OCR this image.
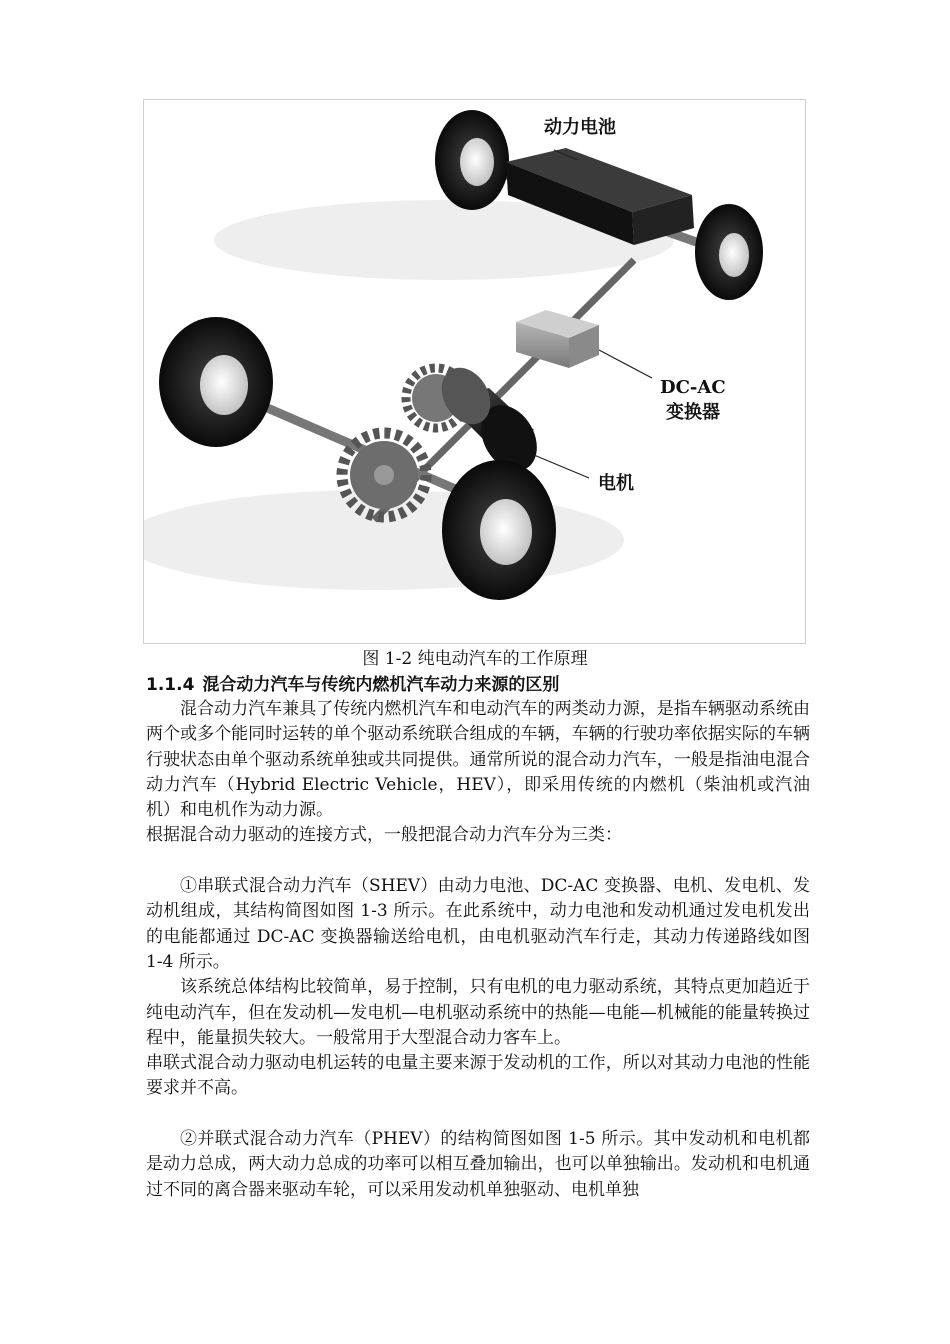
动力电池
DC-AC
变换器
电机
图 1-2 纯电动汽车的工作原理
1.1.4 混合动力汽车与传统内燃机汽车动力来源的区别

混合动力汽车兼具了传统内燃机汽车和电动汽车的两类动力源，是指车辆驱动系统由两个或多个能同时运转的单个驱动系统联合组成的车辆，车辆的行驶功率依据实际的车辆行驶状态由单个驱动系统单独或共同提供。通常所说的混合动力汽车，一般是指油电混合动力汽车（Hybrid Electric Vehicle，HEV），即采用传统的内燃机（柴油机或汽油机）和电机作为动力源。

根据混合动力驱动的连接方式，一般把混合动力汽车分为三类：

①串联式混合动力汽车（SHEV）由动力电池、DC-AC 变换器、电机、发电机、发动机组成，其结构简图如图 1-3 所示。在此系统中，动力电池和发动机通过发电机发出的电能都通过 DC-AC 变换器输送给电机，由电机驱动汽车行走，其动力传递路线如图 1-4 所示。

该系统总体结构比较简单，易于控制，只有电机的电力驱动系统，其特点更加趋近于纯电动汽车，但在发动机—发电机—电机驱动系统中的热能—电能—机械能的能量转换过程中，能量损失较大。一般常用于大型混合动力客车上。

串联式混合动力驱动电机运转的电量主要来源于发动机的工作，所以对其动力电池的性能要求并不高。

②并联式混合动力汽车（PHEV）的结构简图如图 1-5 所示。其中发动机和电机都是动力总成，两大动力总成的功率可以相互叠加输出，也可以单独输出。发动机和电机通过不同的离合器来驱动车轮，可以采用发动机单独驱动、电机单独
